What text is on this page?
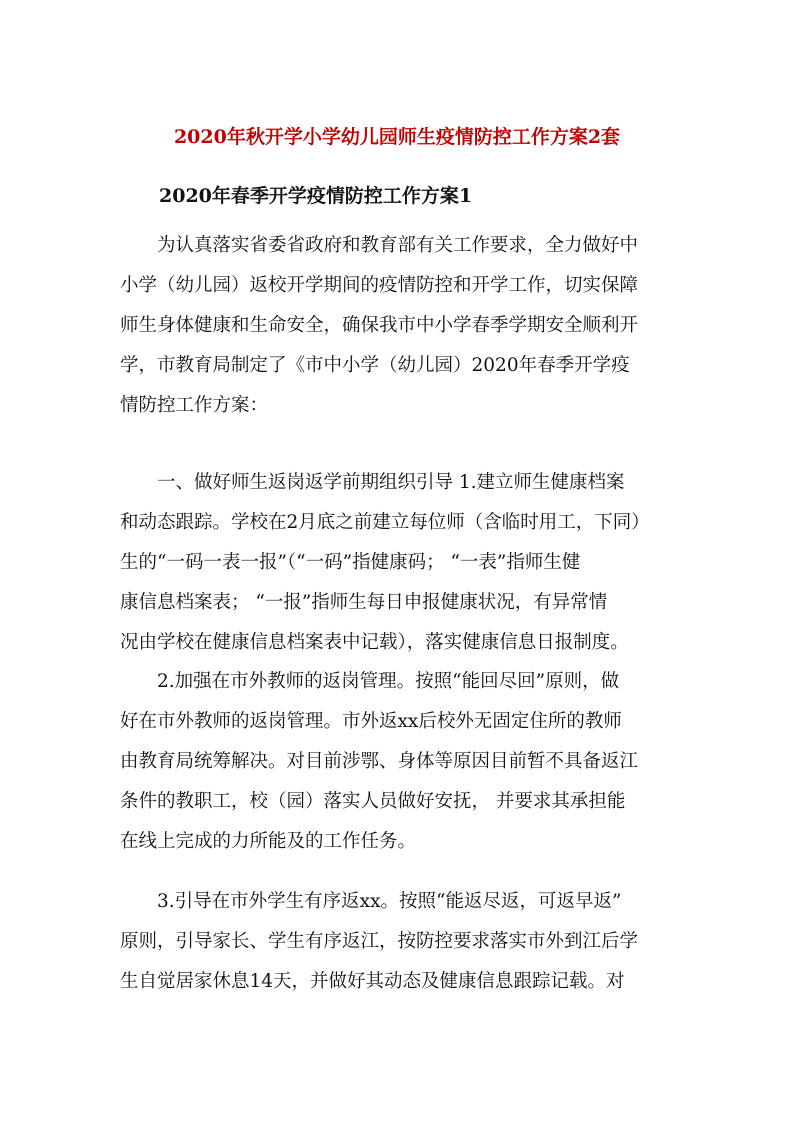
2020年秋开学小学幼儿园师生疫情防控工作方案2套
2020年春季开学疫情防控工作方案1
为认真落实省委省政府和教育部有关工作要求，全力做好中
小学（幼儿园）返校开学期间的疫情防控和开学工作，切实保障
师生身体健康和生命安全，确保我市中小学春季学期安全顺利开
学，市教育局制定了《市中小学（幼儿园）2020年春季开学疫
情防控工作方案：
一、做好师生返岗返学前期组织引导 1.建立师生健康档案
和动态跟踪。学校在2月底之前建立每位师（含临时用工，下同）
生的“一码一表一报”（“一码”指健康码； “一表”指师生健
康信息档案表； “一报”指师生每日申报健康状况，有异常情
况由学校在健康信息档案表中记载），落实健康信息日报制度。
2.加强在市外教师的返岗管理。按照“能回尽回”原则，做
好在市外教师的返岗管理。市外返xx后校外无固定住所的教师
由教育局统筹解决。对目前涉鄂、身体等原因目前暂不具备返江
条件的教职工，校（园）落实人员做好安抚， 并要求其承担能
在线上完成的力所能及的工作任务。
3.引导在市外学生有序返xx。按照“能返尽返，可返早返”
原则，引导家长、学生有序返江，按防控要求落实市外到江后学
生自觉居家休息14天，并做好其动态及健康信息跟踪记载。对
